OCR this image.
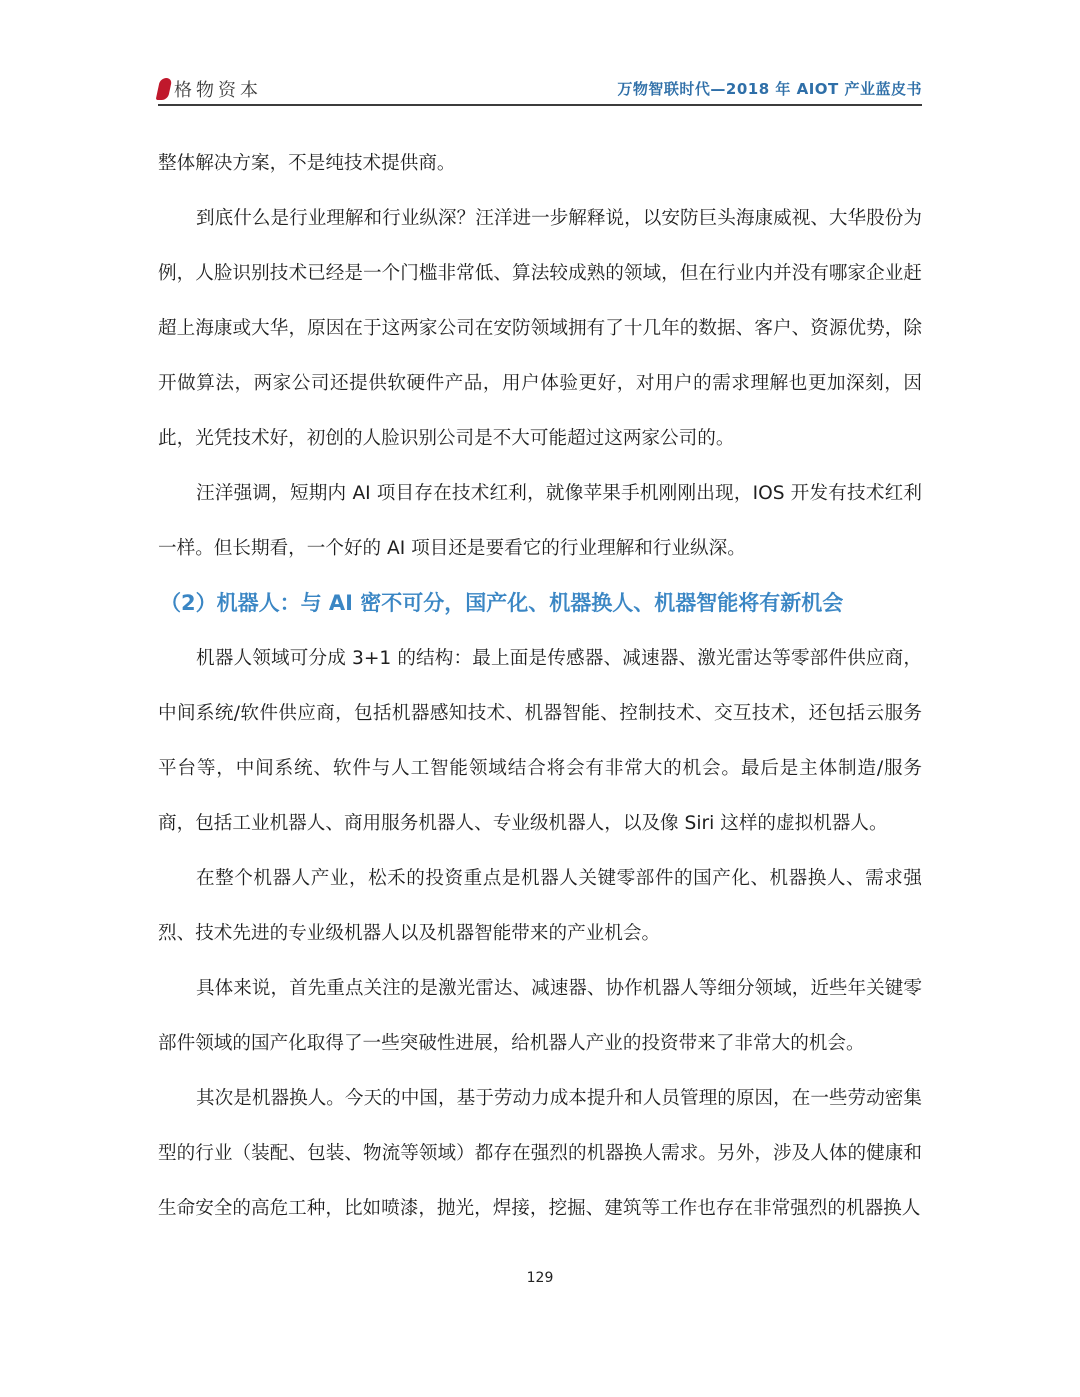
格物资本	万物智联时代—2018 年 AIOT 产业蓝皮书

整体解决方案，不是纯技术提供商。

到底什么是行业理解和行业纵深？汪洋进一步解释说，以安防巨头海康威视、大华股份为例，人脸识别技术已经是一个门槛非常低、算法较成熟的领域，但在行业内并没有哪家企业赶超上海康或大华，原因在于这两家公司在安防领域拥有了十几年的数据、客户、资源优势，除开做算法，两家公司还提供软硬件产品，用户体验更好，对用户的需求理解也更加深刻，因此，光凭技术好，初创的人脸识别公司是不大可能超过这两家公司的。

汪洋强调，短期内 AI 项目存在技术红利，就像苹果手机刚刚出现，IOS 开发有技术红利一样。但长期看，一个好的 AI 项目还是要看它的行业理解和行业纵深。

（2）机器人：与 AI 密不可分，国产化、机器换人、机器智能将有新机会

机器人领域可分成 3+1 的结构：最上面是传感器、减速器、激光雷达等零部件供应商，中间系统/软件供应商，包括机器感知技术、机器智能、控制技术、交互技术，还包括云服务平台等，中间系统、软件与人工智能领域结合将会有非常大的机会。最后是主体制造/服务商，包括工业机器人、商用服务机器人、专业级机器人，以及像 Siri 这样的虚拟机器人。

在整个机器人产业，松禾的投资重点是机器人关键零部件的国产化、机器换人、需求强烈、技术先进的专业级机器人以及机器智能带来的产业机会。

具体来说，首先重点关注的是激光雷达、减速器、协作机器人等细分领域，近些年关键零部件领域的国产化取得了一些突破性进展，给机器人产业的投资带来了非常大的机会。

其次是机器换人。今天的中国，基于劳动力成本提升和人员管理的原因，在一些劳动密集型的行业（装配、包装、物流等领域）都存在强烈的机器换人需求。另外，涉及人体的健康和生命安全的高危工种，比如喷漆，抛光，焊接，挖掘、建筑等工作也存在非常强烈的机器换人

129
